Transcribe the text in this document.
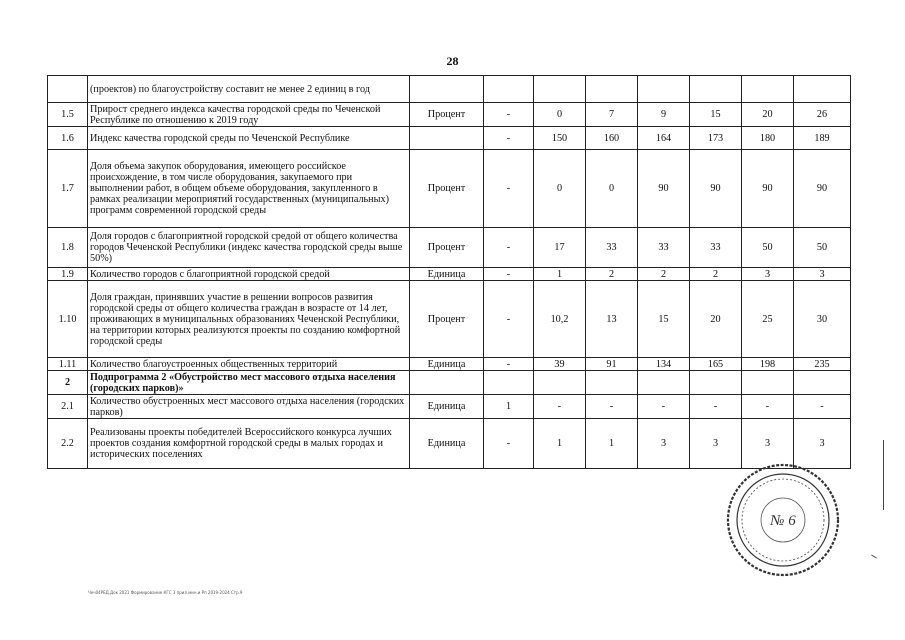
28
	(проектов) по благоустройству составит не менее 2 единиц в год								
1.5	Прирост среднего индекса качества городской среды по Чеченской Республике по отношению к 2019 году	Процент	-	0	7	9	15	20	26
1.6	Индекс качества городской среды по Чеченской Республике		-	150	160	164	173	180	189
1.7	Доля объема закупок оборудования, имеющего российское происхождение, в том числе оборудования, закупаемого при выполнении работ, в общем объеме оборудования, закупленного в рамках реализации мероприятий государственных (муниципальных) программ современной городской среды	Процент	-	0	0	90	90	90	90
1.8	Доля городов с благоприятной городской средой от общего количества городов Чеченской Республики (индекс качества городской среды выше 50%)	Процент	-	17	33	33	33	50	50
1.9	Количество городов с благоприятной городской средой	Единица	-	1	2	2	2	3	3
1.10	Доля граждан, принявших участие в решении вопросов развития городской среды от общего количества граждан в возрасте от 14 лет, проживающих в муниципальных образованиях Чеченской Республики, на территории которых реализуются проекты по созданию комфортной городской среды	Процент	-	10,2	13	15	20	25	30
1.11	Количество благоустроенных общественных территорий	Единица	-	39	91	134	165	198	235
2	Подпрограмма 2 «Обустройство мест массового отдыха населения (городских парков)»								
2.1	Количество обустроенных мест массового отдыха населения (городских парков)	Единица	1	-	-	-	-	-	-
2.2	Реализованы проекты победителей Всероссийского конкурса лучших проектов создания комфортной городской среды в малых городах и исторических поселениях	Единица	-	1	1	3	3	3	3
№ 6
Чеч0​4РЕД.Док 2021 Формирование КГС 3 прил.мин.и Рп 2019-2024 Стр.9
